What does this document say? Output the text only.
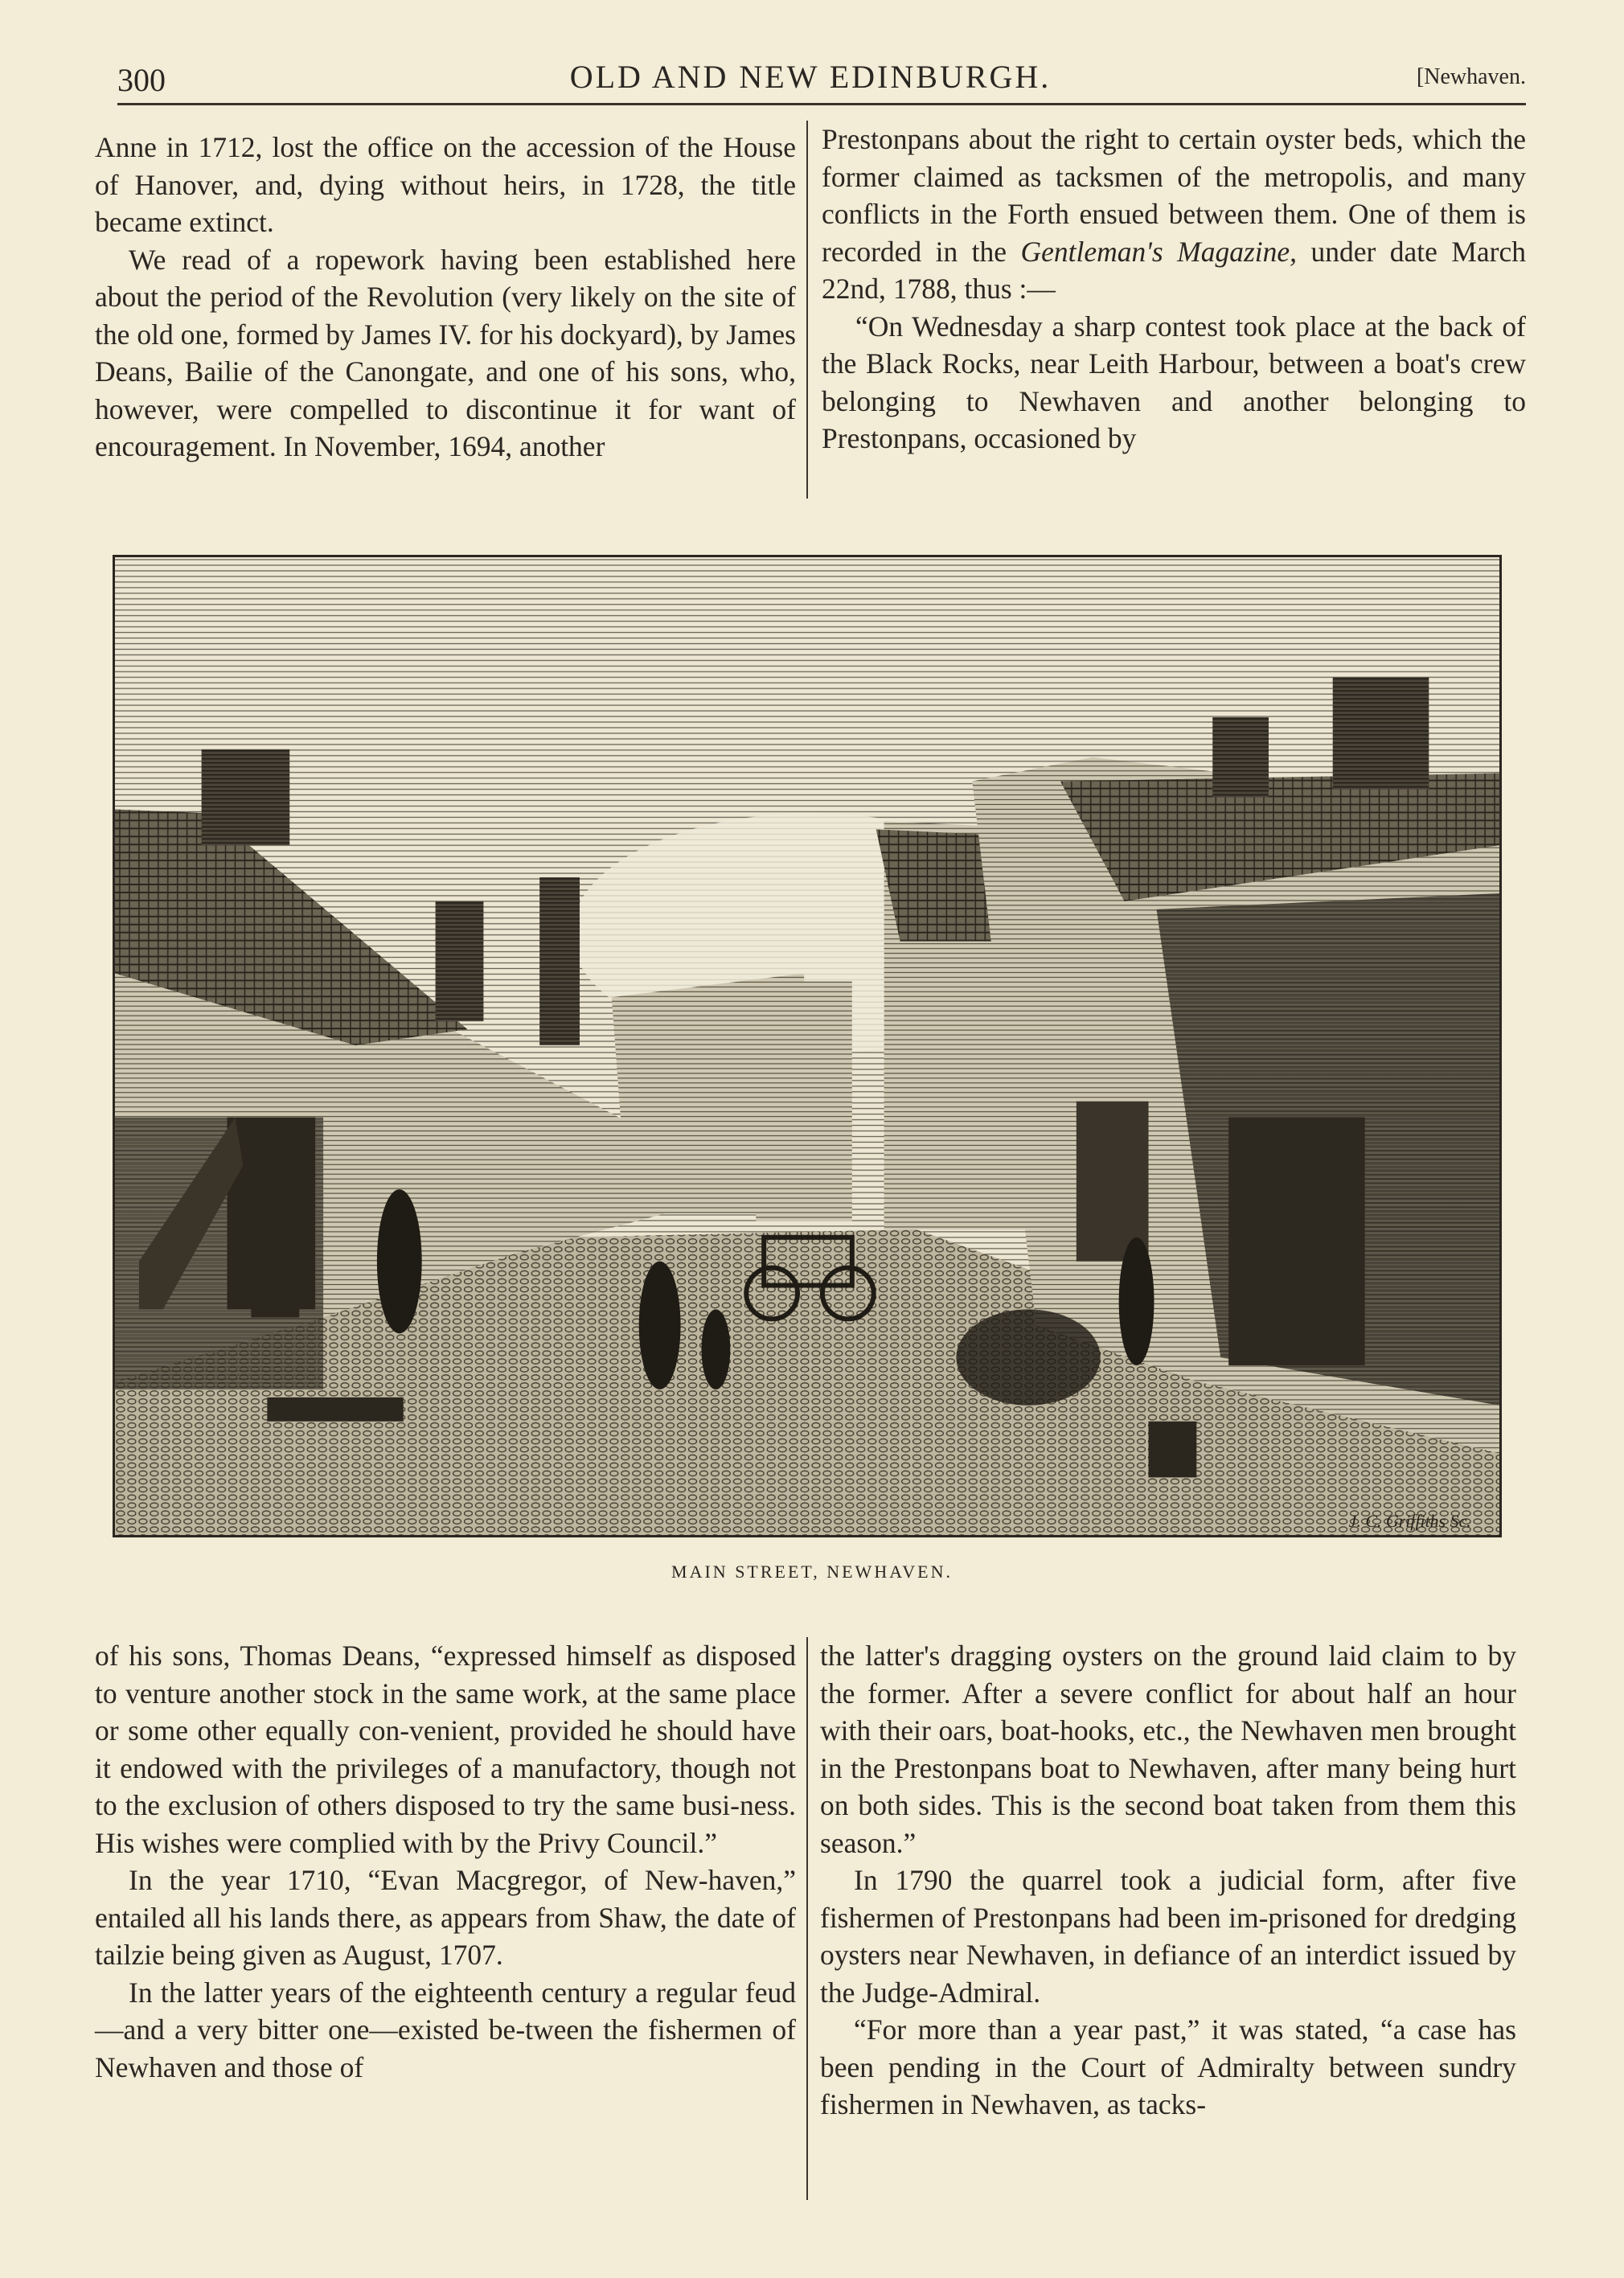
300	OLD AND NEW EDINBURGH.	[Newhaven.

Anne in 1712, lost the office on the accession of the House of Hanover, and, dying without heirs, in 1728, the title became extinct.

We read of a ropework having been established here about the period of the Revolution (very likely on the site of the old one, formed by James IV. for his dockyard), by James Deans, Bailie of the Canongate, and one of his sons, who, however, were compelled to discontinue it for want of encouragement. In November, 1694, another

Prestonpans about the right to certain oyster beds, which the former claimed as tacksmen of the metropolis, and many conflicts in the Forth ensued between them. One of them is recorded in the Gentleman's Magazine, under date March 22nd, 1788, thus :—

“On Wednesday a sharp contest took place at the back of the Black Rocks, near Leith Harbour, between a boat's crew belonging to Newhaven and another belonging to Prestonpans, occasioned by

J. C. Griffiths Sc.
MAIN STREET, NEWHAVEN.

of his sons, Thomas Deans, “expressed himself as disposed to venture another stock in the same work, at the same place or some other equally con-venient, provided he should have it endowed with the privileges of a manufactory, though not to the exclusion of others disposed to try the same busi-ness. His wishes were complied with by the Privy Council.”

In the year 1710, “Evan Macgregor, of New-haven,” entailed all his lands there, as appears from Shaw, the date of tailzie being given as August, 1707.

In the latter years of the eighteenth century a regular feud—and a very bitter one—existed be-tween the fishermen of Newhaven and those of

the latter's dragging oysters on the ground laid claim to by the former. After a severe conflict for about half an hour with their oars, boat-hooks, etc., the Newhaven men brought in the Prestonpans boat to Newhaven, after many being hurt on both sides. This is the second boat taken from them this season.”

In 1790 the quarrel took a judicial form, after five fishermen of Prestonpans had been im-prisoned for dredging oysters near Newhaven, in defiance of an interdict issued by the Judge-Admiral.

“For more than a year past,” it was stated, “a case has been pending in the Court of Admiralty between sundry fishermen in Newhaven, as tacks-
